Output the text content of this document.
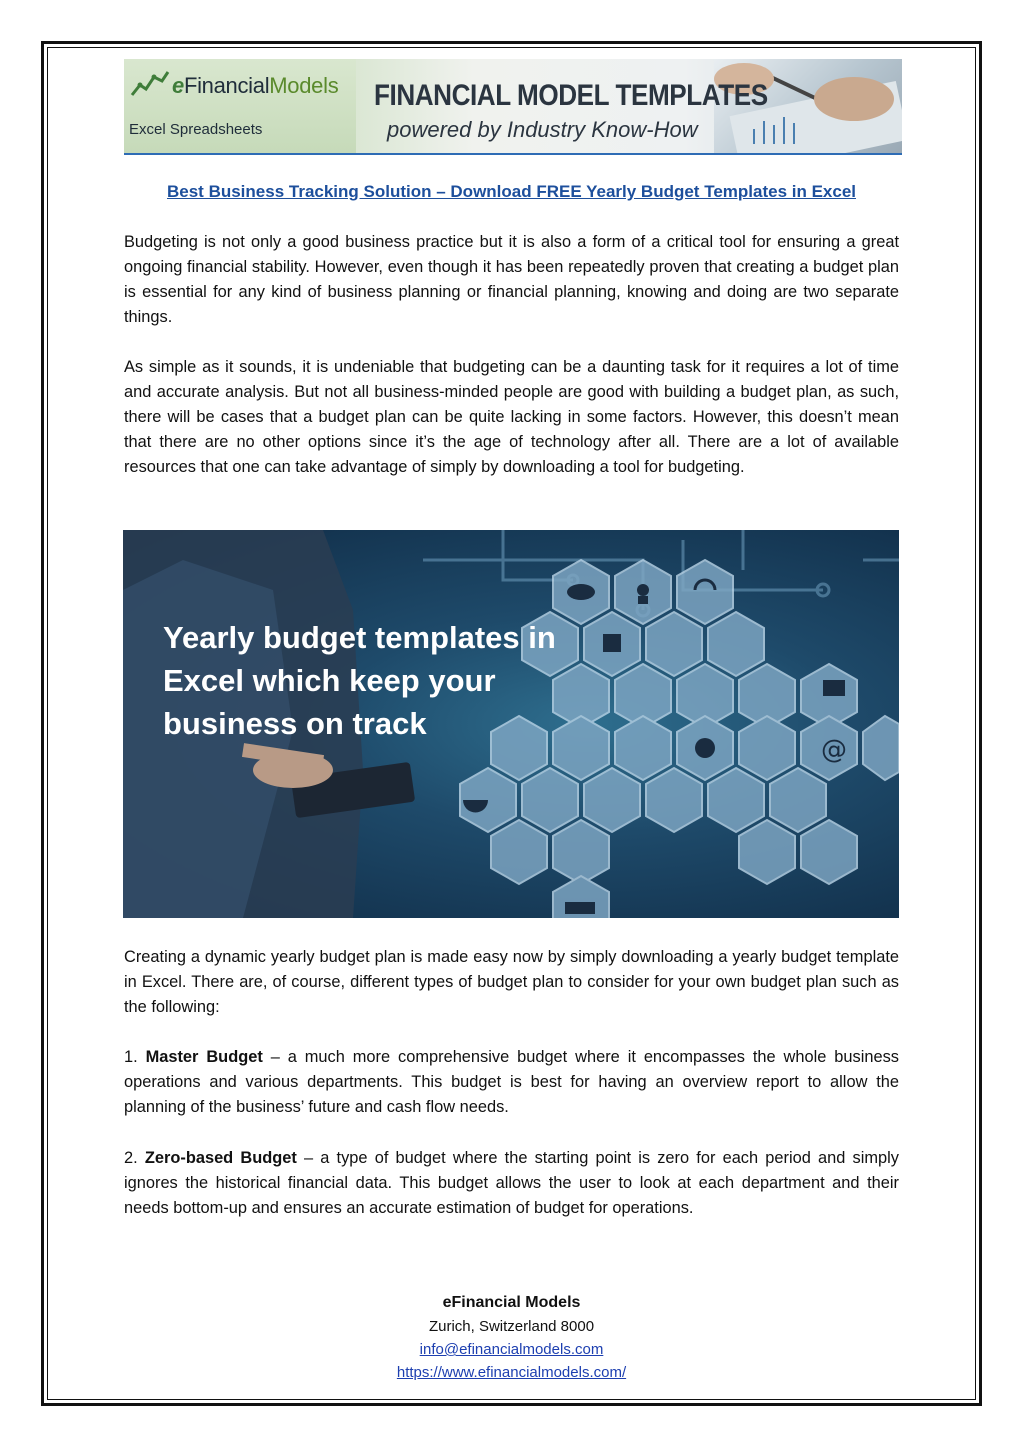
eFinancialModels
Excel Spreadsheets
FINANCIAL MODEL TEMPLATES
powered by Industry Know-How
Best Business Tracking Solution – Download FREE Yearly Budget Templates in Excel

Budgeting is not only a good business practice but it is also a form of a critical tool for ensuring a great ongoing financial stability. However, even though it has been repeatedly proven that creating a budget plan is essential for any kind of business planning or financial planning, knowing and doing are two separate things.

As simple as it sounds, it is undeniable that budgeting can be a daunting task for it requires a lot of time and accurate analysis. But not all business-minded people are good with building a budget plan, as such, there will be cases that a budget plan can be quite lacking in some factors. However, this doesn’t mean that there are no other options since it’s the age of technology after all. There are a lot of available resources that one can take advantage of simply by downloading a tool for budgeting.

@
Yearly budget templates in
Excel which keep your
business on track

Creating a dynamic yearly budget plan is made easy now by simply downloading a yearly budget template in Excel. There are, of course, different types of budget plan to consider for your own budget plan such as the following:

1. Master Budget – a much more comprehensive budget where it encompasses the whole business operations and various departments. This budget is best for having an overview report to allow the planning of the business’ future and cash flow needs.

2. Zero-based Budget – a type of budget where the starting point is zero for each period and simply ignores the historical financial data. This budget allows the user to look at each department and their needs bottom-up and ensures an accurate estimation of budget for operations.

eFinancial Models
Zurich, Switzerland 8000
info@efinancialmodels.com
https://www.efinancialmodels.com/
